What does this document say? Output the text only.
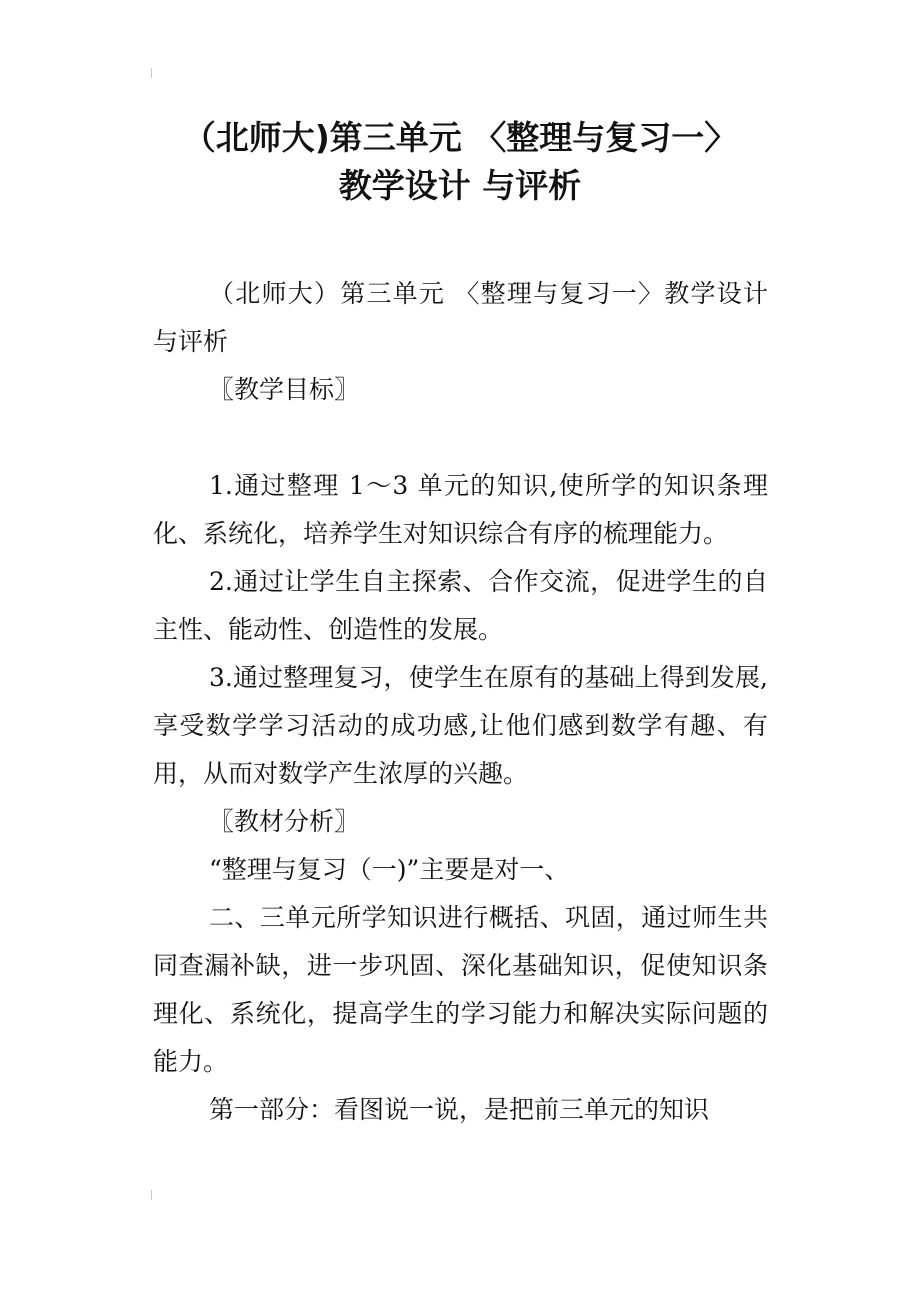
（北师大)第三单元 〈整理与复习一〉
教学设计 与评析

（北师大）第三单元 〈整理与复习一〉教学设计 与评析

〖教学目标〗

1.通过整理 1～3 单元的知识,使所学的知识条理化、系统化，培养学生对知识综合有序的梳理能力。

2.通过让学生自主探索、合作交流，促进学生的自主性、能动性、创造性的发展。

3.通过整理复习，使学生在原有的基础上得到发展,享受数学学习活动的成功感,让他们感到数学有趣、有用，从而对数学产生浓厚的兴趣。

〖教材分析〗

“整理与复习（一)”主要是对一、

二、三单元所学知识进行概括、巩固，通过师生共同查漏补缺，进一步巩固、深化基础知识，促使知识条理化、系统化，提高学生的学习能力和解决实际问题的能力。

第一部分：看图说一说，是把前三单元的知识
